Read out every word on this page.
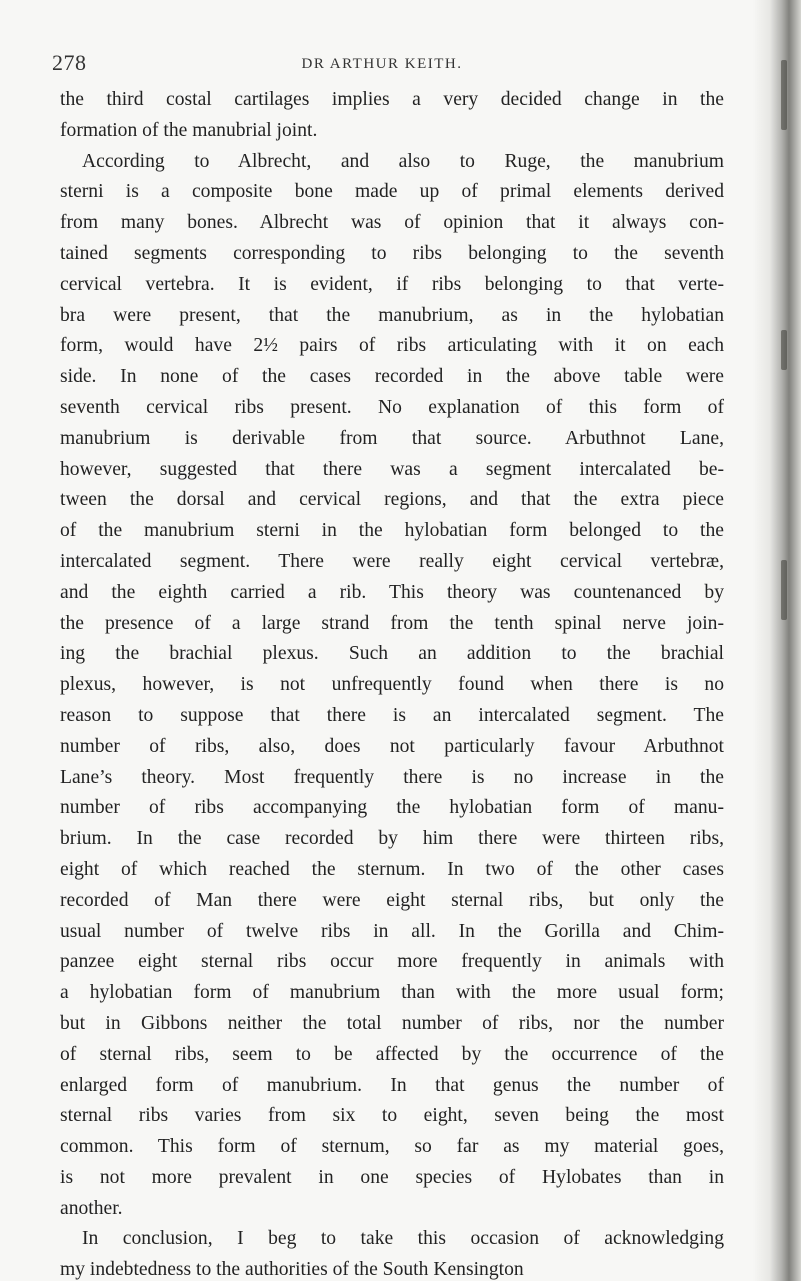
278	DR ARTHUR KEITH.
the third costal cartilages implies a very decided change in the
formation of the manubrial joint.
According to Albrecht, and also to Ruge, the manubrium
sterni is a composite bone made up of primal elements derived
from many bones. Albrecht was of opinion that it always con-
tained segments corresponding to ribs belonging to the seventh
cervical vertebra. It is evident, if ribs belonging to that verte-
bra were present, that the manubrium, as in the hylobatian
form, would have 2½ pairs of ribs articulating with it on each
side. In none of the cases recorded in the above table were
seventh cervical ribs present. No explanation of this form of
manubrium is derivable from that source. Arbuthnot Lane,
however, suggested that there was a segment intercalated be-
tween the dorsal and cervical regions, and that the extra piece
of the manubrium sterni in the hylobatian form belonged to the
intercalated segment. There were really eight cervical vertebræ,
and the eighth carried a rib. This theory was countenanced by
the presence of a large strand from the tenth spinal nerve join-
ing the brachial plexus. Such an addition to the brachial
plexus, however, is not unfrequently found when there is no
reason to suppose that there is an intercalated segment. The
number of ribs, also, does not particularly favour Arbuthnot
Lane’s theory. Most frequently there is no increase in the
number of ribs accompanying the hylobatian form of manu-
brium. In the case recorded by him there were thirteen ribs,
eight of which reached the sternum. In two of the other cases
recorded of Man there were eight sternal ribs, but only the
usual number of twelve ribs in all. In the Gorilla and Chim-
panzee eight sternal ribs occur more frequently in animals with
a hylobatian form of manubrium than with the more usual form;
but in Gibbons neither the total number of ribs, nor the number
of sternal ribs, seem to be affected by the occurrence of the
enlarged form of manubrium. In that genus the number of
sternal ribs varies from six to eight, seven being the most
common. This form of sternum, so far as my material goes,
is not more prevalent in one species of Hylobates than in
another.
In conclusion, I beg to take this occasion of acknowledging
my indebtedness to the authorities of the South Kensington
